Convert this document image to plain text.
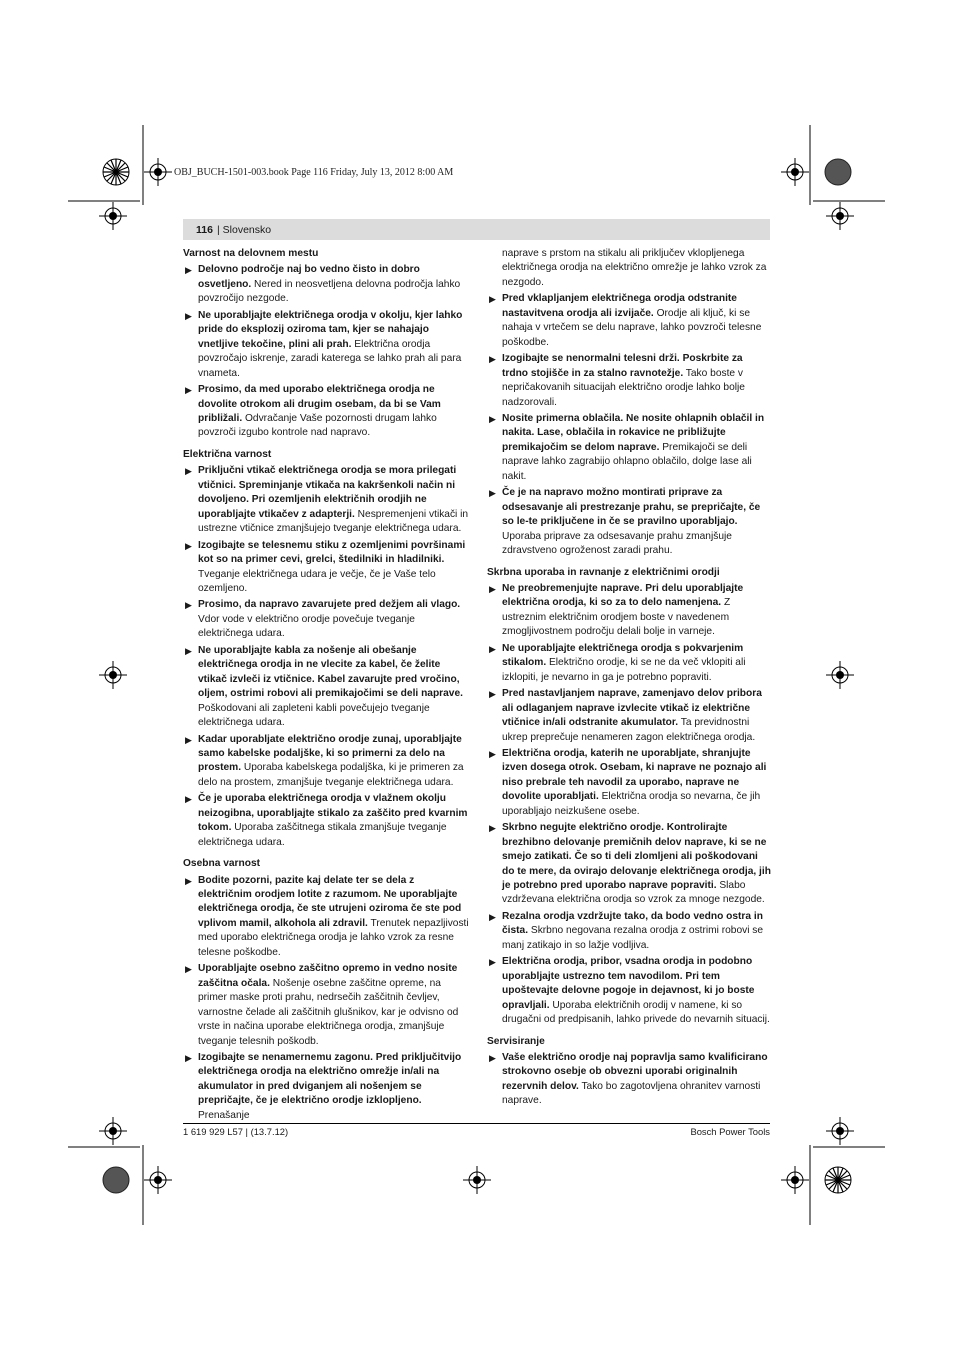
OBJ_BUCH-1501-003.book Page 116 Friday, July 13, 2012 8:00 AM
116 | Slovensko
Varnost na delovnem mestu
▶ Delovno področje naj bo vedno čisto in dobro osvetljeno. Nered in neosvetljena delovna področja lahko povzročijo nezgode.
▶ Ne uporabljajte električnega orodja v okolju, kjer lahko pride do eksplozij oziroma tam, kjer se nahajajo vnetljive tekočine, plini ali prah. Električna orodja povzročajo iskrenje, zaradi katerega se lahko prah ali para vnameta.
▶ Prosimo, da med uporabo električnega orodja ne dovolite otrokom ali drugim osebam, da bi se Vam približali. Odvračanje Vaše pozornosti drugam lahko povzroči izgubo kontrole nad napravo.
Električna varnost
▶ Priključni vtikač električnega orodja se mora prilegati vtičnici. Spreminjanje vtikača na kakršenkoli način ni dovoljeno. Pri ozemljenih električnih orodjih ne uporabljajte vtikačev z adapterji. Nespremenjeni vtikači in ustrezne vtičnice zmanjšujejo tveganje električnega udara.
▶ Izogibajte se telesnemu stiku z ozemljenimi površinami kot so na primer cevi, grelci, štedilniki in hladilniki. Tveganje električnega udara je večje, če je Vaše telo ozemljeno.
▶ Prosimo, da napravo zavarujete pred dežjem ali vlago. Vdor vode v električno orodje povečuje tveganje električnega udara.
▶ Ne uporabljajte kabla za nošenje ali obešanje električnega orodja in ne vlecite za kabel, če želite vtikač izvleči iz vtičnice. Kabel zavarujte pred vročino, oljem, ostrimi robovi ali premikajočimi se deli naprave. Poškodovani ali zapleteni kabli povečujejo tveganje električnega udara.
▶ Kadar uporabljate električno orodje zunaj, uporabljajte samo kabelske podaljške, ki so primerni za delo na prostem. Uporaba kabelskega podaljška, ki je primeren za delo na prostem, zmanjšuje tveganje električnega udara.
▶ Če je uporaba električnega orodja v vlažnem okolju neizogibna, uporabljajte stikalo za zaščito pred kvarnim tokom. Uporaba zaščitnega stikala zmanjšuje tveganje električnega udara.
Osebna varnost
▶ Bodite pozorni, pazite kaj delate ter se dela z električnim orodjem lotite z razumom. Ne uporabljajte električnega orodja, če ste utrujeni oziroma če ste pod vplivom mamil, alkohola ali zdravil. Trenutek nepazljivosti med uporabo električnega orodja je lahko vzrok za resne telesne poškodbe.
▶ Uporabljajte osebno zaščitno opremo in vedno nosite zaščitna očala. Nošenje osebne zaščitne opreme, na primer maske proti prahu, nedrsečih zaščitnih čevljev, varnostne čelade ali zaščitnih glušnikov, kar je odvisno od vrste in načina uporabe električnega orodja, zmanjšuje tveganje telesnih poškodb.
▶ Izogibajte se nenamernemu zagonu. Pred priključitvijo električnega orodja na električno omrežje in/ali na akumulator in pred dviganjem ali nošenjem se prepričajte, če je električno orodje izklopljeno. Prenašanje
naprave s prstom na stikalu ali priključev vklopljenega električnega orodja na električno omrežje je lahko vzrok za nezgodo.
▶ Pred vklapljanjem električnega orodja odstranite nastavitvena orodja ali izvijače. Orodje ali ključ, ki se nahaja v vrtečem se delu naprave, lahko povzroči telesne poškodbe.
▶ Izogibajte se nenormalni telesni drži. Poskrbite za trdno stojišče in za stalno ravnotežje. Tako boste v nepričakovanih situacijah električno orodje lahko bolje nadzorovali.
▶ Nosite primerna oblačila. Ne nosite ohlapnih oblačil in nakita. Lase, oblačila in rokavice ne približujte premikajočim se delom naprave. Premikajoči se deli naprave lahko zagrabijo ohlapno oblačilo, dolge lase ali nakit.
▶ Če je na napravo možno montirati priprave za odsesavanje ali prestrezanje prahu, se prepričajte, če so le-te priključene in če se pravilno uporabljajo. Uporaba priprave za odsesavanje prahu zmanjšuje zdravstveno ogroženost zaradi prahu.
Skrbna uporaba in ravnanje z električnimi orodji
▶ Ne preobremenjujte naprave. Pri delu uporabljajte električna orodja, ki so za to delo namenjena. Z ustreznim električnim orodjem boste v navedenem zmogljivostnem področju delali bolje in varneje.
▶ Ne uporabljajte električnega orodja s pokvarjenim stikalom. Električno orodje, ki se ne da več vklopiti ali izklopiti, je nevarno in ga je potrebno popraviti.
▶ Pred nastavljanjem naprave, zamenjavo delov pribora ali odlaganjem naprave izvlecite vtikač iz električne vtičnice in/ali odstranite akumulator. Ta previdnostni ukrep preprečuje nenameren zagon električnega orodja.
▶ Električna orodja, katerih ne uporabljate, shranjujte izven dosega otrok. Osebam, ki naprave ne poznajo ali niso prebrale teh navodil za uporabo, naprave ne dovolite uporabljati. Električna orodja so nevarna, če jih uporabljajo neizkušene osebe.
▶ Skrbno negujte električno orodje. Kontrolirajte brezhibno delovanje premičnih delov naprave, ki se ne smejo zatikati. Če so ti deli zlomljeni ali poškodovani do te mere, da ovirajo delovanje električnega orodja, jih je potrebno pred uporabo naprave popraviti. Slabo vzdrževana električna orodja so vzrok za mnoge nezgode.
▶ Rezalna orodja vzdržujte tako, da bodo vedno ostra in čista. Skrbno negovana rezalna orodja z ostrimi robovi se manj zatikajo in so lažje vodljiva.
▶ Električna orodja, pribor, vsadna orodja in podobno uporabljajte ustrezno tem navodilom. Pri tem upoštevajte delovne pogoje in dejavnost, ki jo boste opravljali. Uporaba električnih orodij v namene, ki so drugačni od predpisanih, lahko privede do nevarnih situacij.
Servisiranje
▶ Vaše električno orodje naj popravlja samo kvalificirano strokovno osebje ob obvezni uporabi originalnih rezervnih delov. Tako bo zagotovljena ohranitev varnosti naprave.
1 619 929 L57 | (13.7.12)	Bosch Power Tools
